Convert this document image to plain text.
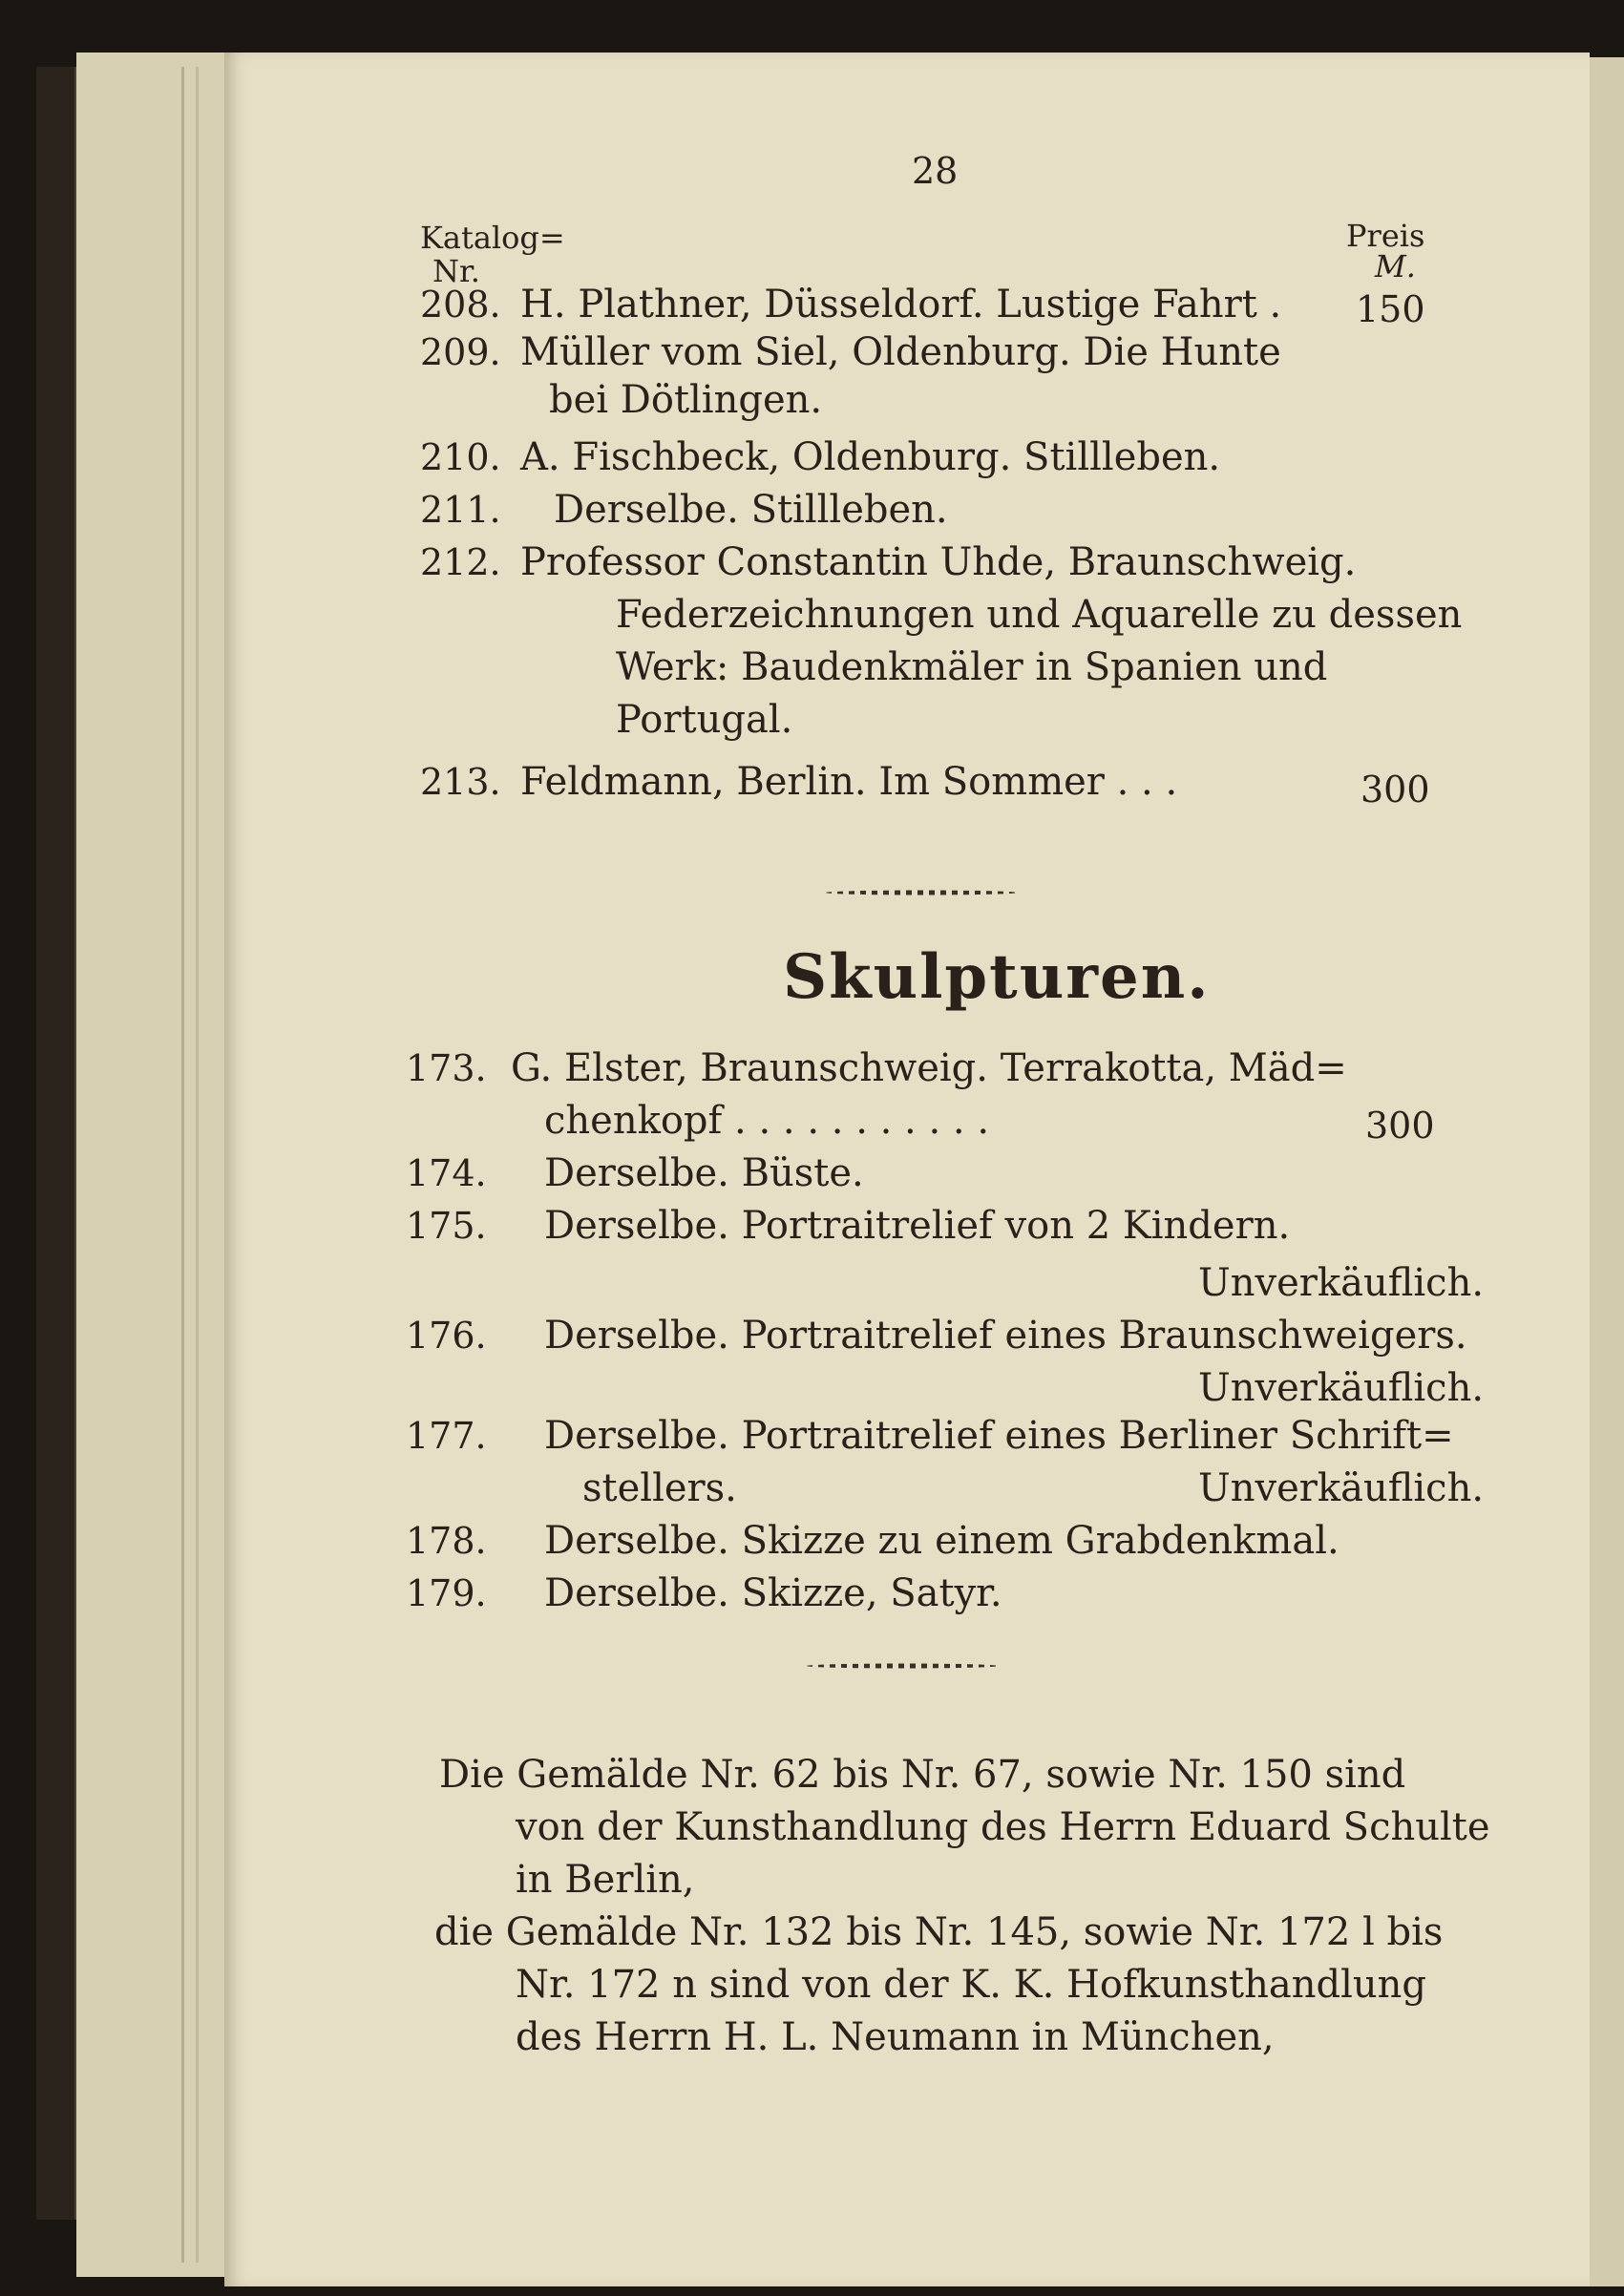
28
Katalog=
Nr.
Preis
M.
208. H. Plathner, Düsseldorf. Lustige Fahrt . 150
209. Müller vom Siel, Oldenburg. Die Hunte
bei Dötlingen.
210. A. Fischbeck, Oldenburg. Stillleben.
211. Derselbe. Stillleben.
212. Professor Constantin Uhde, Braunschweig.
Federzeichnungen und Aquarelle zu dessen
Werk: Baudenkmäler in Spanien und
Portugal.
213. Feldmann, Berlin. Im Sommer . . .	300
Skulpturen.
173. G. Elster, Braunschweig. Terrakotta, Mäd=
chenkopf . . . . . . . . . . .	300
174. Derselbe. Büste.
175. Derselbe. Portraitrelief von 2 Kindern.
Unverkäuflich.
176. Derselbe. Portraitrelief eines Braunschweigers.
Unverkäuflich.
177. Derselbe. Portraitrelief eines Berliner Schrift=
stellers.	Unverkäuflich.
178. Derselbe. Skizze zu einem Grabdenkmal.
179. Derselbe. Skizze, Satyr.
Die Gemälde Nr. 62 bis Nr. 67, sowie Nr. 150 sind
von der Kunsthandlung des Herrn Eduard Schulte
in Berlin,
die Gemälde Nr. 132 bis Nr. 145, sowie Nr. 172 l bis
Nr. 172 n sind von der K. K. Hofkunsthandlung
des Herrn H. L. Neumann in München,
